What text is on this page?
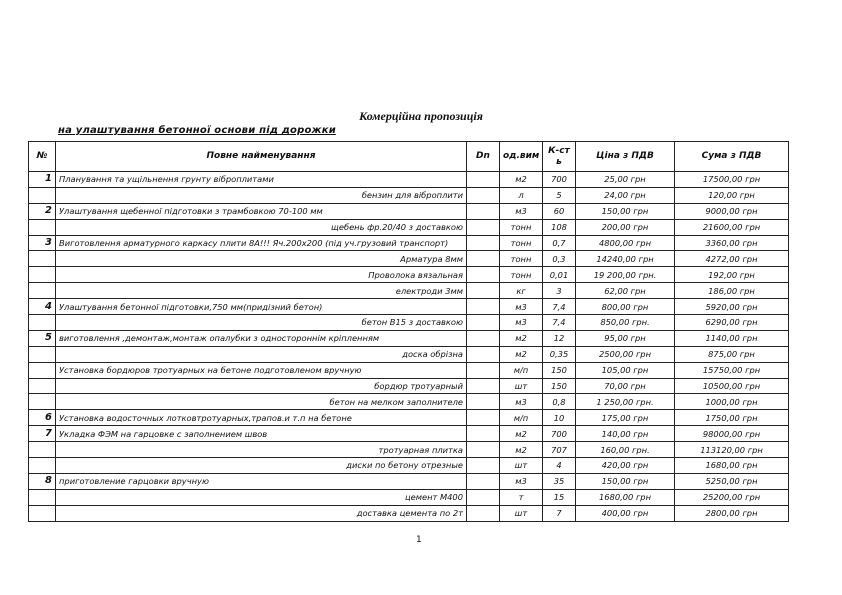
Комерційна пропозиція
на улаштування бетонної основи під дорожки
№	Повне найменування	Dn	од.вим	К-сть	Ціна з ПДВ	Сума з ПДВ
1	Планування та ущільнення грунту віброплитами		м2	700	25,00 грн	17500,00 грн
	бензин для віброплити		л	5	24,00 грн	120,00 грн
2	Улаштування щебенної підготовки з трамбовкою 70-100 мм		м3	60	150,00 грн	9000,00 грн
	щебень фр.20/40 з доставкою		тонн	108	200,00 грн	21600,00 грн
3	Виготовлення арматурного каркасу плити 8А!!! Яч.200х200 (під уч.грузовий транспорт)		тонн	0,7	4800,00 грн	3360,00 грн
	Арматура 8мм		тонн	0,3	14240,00 грн	4272,00 грн
	Проволока вязальная		тонн	0,01	19 200,00 грн.	192,00 грн
	електроди 3мм		кг	3	62,00 грн	186,00 грн
4	Улаштування бетонної підготовки,750 мм(придізний бетон)		м3	7,4	800,00 грн	5920,00 грн
	бетон В15 з доставкою		м3	7,4	850,00 грн.	6290,00 грн
5	виготовлення ,демонтаж,монтаж опалубки з одностороннім кріпленням		м2	12	95,00 грн	1140,00 грн
	доска обрізна		м2	0,35	2500,00 грн	875,00 грн
	Установка бордюров тротуарных на бетоне подготовленом вручную		м/п	150	105,00 грн	15750,00 грн
	бордюр тротуарный		шт	150	70,00 грн	10500,00 грн
	бетон на мелком заполнителе		м3	0,8	1 250,00 грн.	1000,00 грн
6	Установка водосточных лотковтротуарных,трапов.и т.п на бетоне		м/п	10	175,00 грн	1750,00 грн
7	Укладка ФЭМ на гарцовке с заполнением швов		м2	700	140,00 грн	98000,00 грн
	тротуарная плитка		м2	707	160,00 грн.	113120,00 грн
	диски по бетону отрезные		шт	4	420,00 грн	1680,00 грн
8	приготовление гарцовки вручную		м3	35	150,00 грн	5250,00 грн
	цемент М400		т	15	1680,00 грн	25200,00 грн
	доставка цемента по 2т		шт	7	400,00 грн	2800,00 грн
1
